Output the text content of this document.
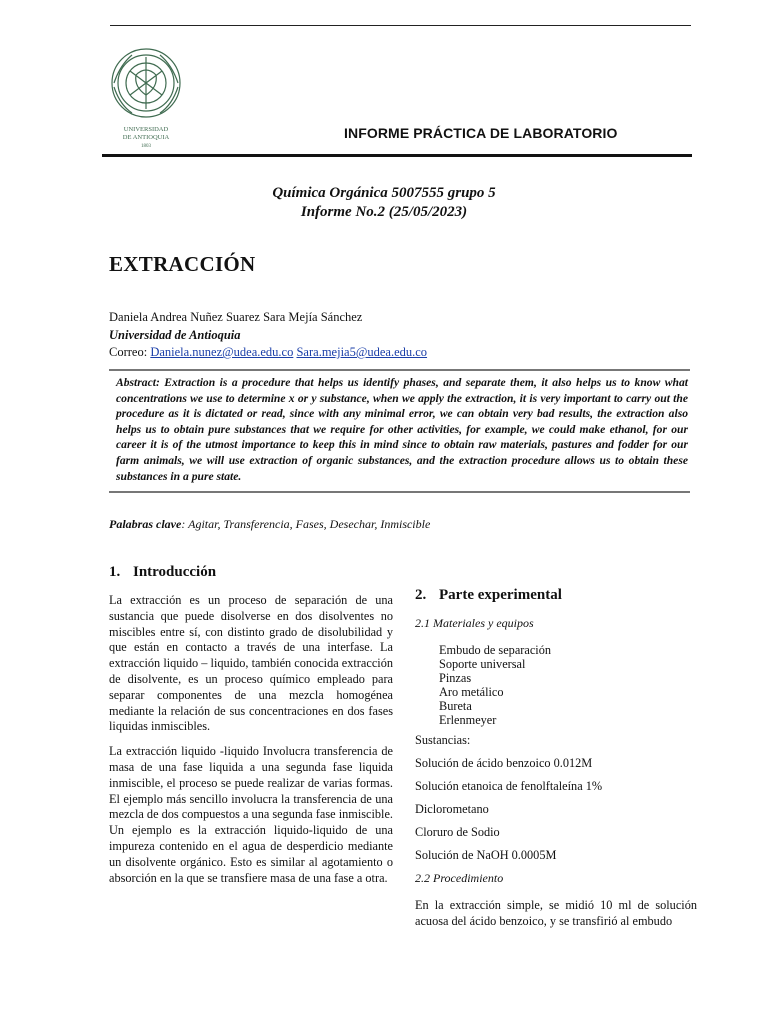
UNIVERSIDAD
DE ANTIOQUIA
1803
INFORME PRÁCTICA DE LABORATORIO
Química Orgánica 5007555 grupo 5
Informe No.2 (25/05/2023)
EXTRACCIÓN
Daniela Andrea Nuñez Suarez Sara Mejía Sánchez
Universidad de Antioquia
Correo: Daniela.nunez@udea.edu.co Sara.mejia5@udea.edu.co

Abstract: Extraction is a procedure that helps us identify phases, and separate them, it also helps us to know what concentrations we use to determine x or y substance, when we apply the extraction, it is very important to carry out the procedure as it is dictated or read, since with any minimal error, we can obtain very bad results, the extraction also helps us to obtain pure substances that we require for other activities, for example, we could make ethanol, for our career it is of the utmost importance to keep this in mind since to obtain raw materials, pastures and fodder for our farm animals, we will use extraction of organic substances, and the extraction procedure allows us to obtain these substances in a pure state.

Palabras clave: Agitar, Transferencia, Fases, Desechar, Inmiscible
1. Introducción

La extracción es un proceso de separación de una sustancia que puede disolverse en dos disolventes no miscibles entre sí, con distinto grado de disolubilidad y que están en contacto a través de una interfase. La extracción liquido – liquido, también conocida extracción de disolvente, es un proceso químico empleado para separar componentes de una mezcla homogénea mediante la relación de sus concentraciones en dos fases liquidas inmiscibles.

La extracción liquido -liquido Involucra transferencia de masa de una fase liquida a una segunda fase liquida inmiscible, el proceso se puede realizar de varias formas. El ejemplo más sencillo involucra la transferencia de una mezcla de dos compuestos a una segunda fase inmiscible. Un ejemplo es la extracción liquido-liquido de una impureza contenido en el agua de desperdicio mediante un disolvente orgánico. Esto es similar al agotamiento o absorción en la que se transfiere masa de una fase a otra.

2. Parte experimental
2.1 Materiales y equipos
Embudo de separación
Soporte universal
Pinzas
Aro metálico
Bureta
Erlenmeyer
Sustancias:
Solución de ácido benzoico 0.012M
Solución etanoica de fenolftaleína 1%
Diclorometano
Cloruro de Sodio
Solución de NaOH 0.0005M
2.2 Procedimiento

En la extracción simple, se midió 10 ml de solución acuosa del ácido benzoico, y se transfirió al embudo
